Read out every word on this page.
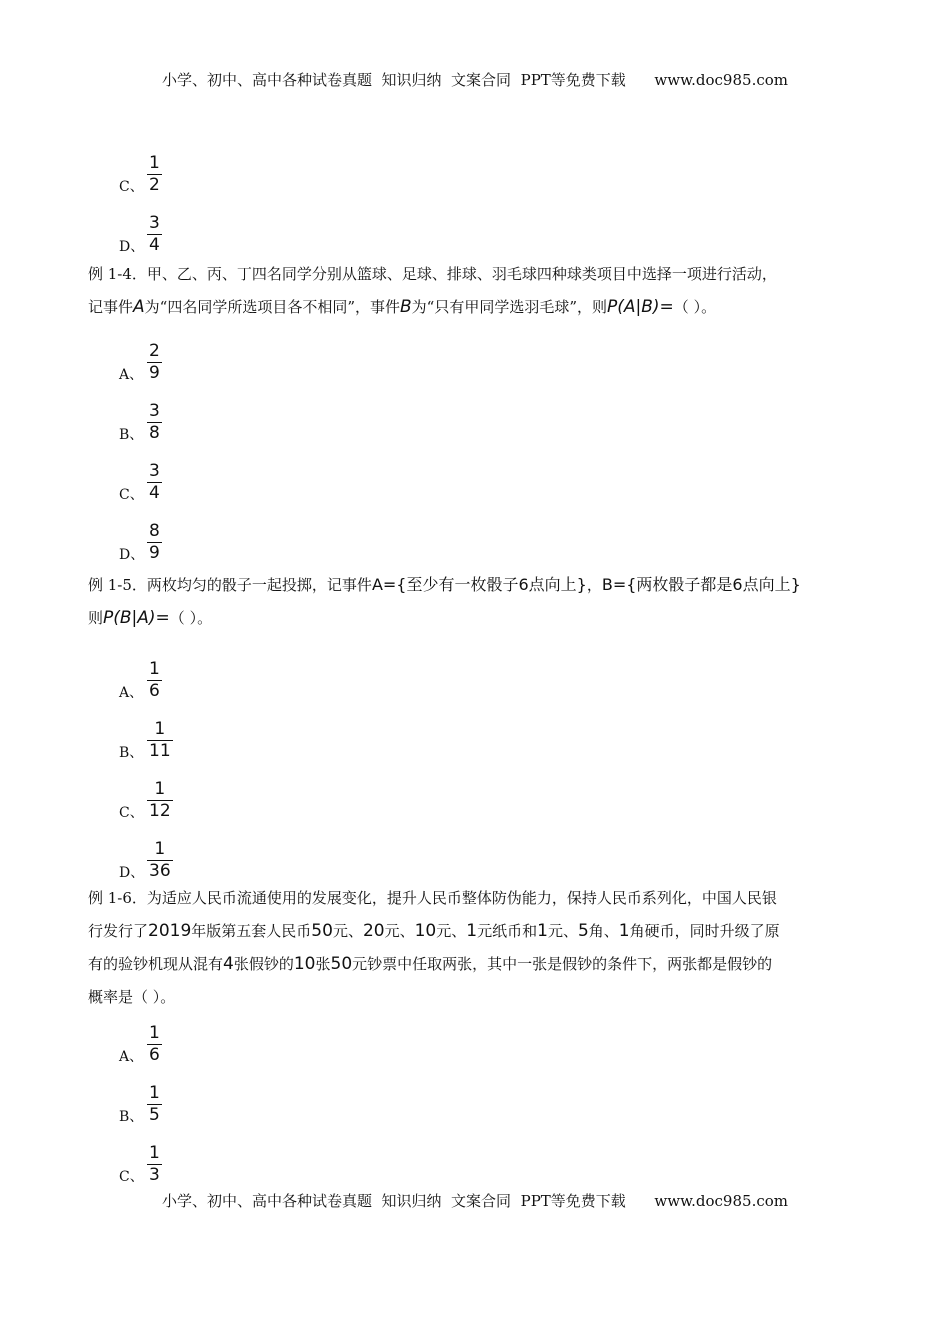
小学、初中、高中各种试卷真题  知识归纳  文案合同  PPT等免费下载      www.doc985.com
C、 $\frac{1}{2}$
D、 $\frac{3}{4}$
例 1-4．甲、乙、丙、丁四名同学分别从篮球、足球、排球、羽毛球四种球类项目中选择一项进行活动，
记事件A为“四名同学所选项目各不相同”，事件B为“只有甲同学选羽毛球”，则P(A|B)=（ ）。
A、 $\frac{2}{9}$
B、 $\frac{3}{8}$
C、 $\frac{3}{4}$
D、 $\frac{8}{9}$
例 1-5．两枚均匀的骰子一起投掷，记事件A={至少有一枚骰子6点向上}，B={两枚骰子都是6点向上}
则P(B|A)=（ ）。
A、 $\frac{1}{6}$
B、 $\frac{1}{11}$
C、 $\frac{1}{12}$
D、 $\frac{1}{36}$
例 1-6．为适应人民币流通使用的发展变化，提升人民币整体防伪能力，保持人民币系列化，中国人民银
行发行了2019年版第五套人民币50元、20元、10元、1元纸币和1元、5角、1角硬币，同时升级了原
有的验钞机现从混有4张假钞的10张50元钞票中任取两张，其中一张是假钞的条件下，两张都是假钞的
概率是（ ）。
A、 $\frac{1}{6}$
B、 $\frac{1}{5}$
C、 $\frac{1}{3}$
小学、初中、高中各种试卷真题  知识归纳  文案合同  PPT等免费下载      www.doc985.com
